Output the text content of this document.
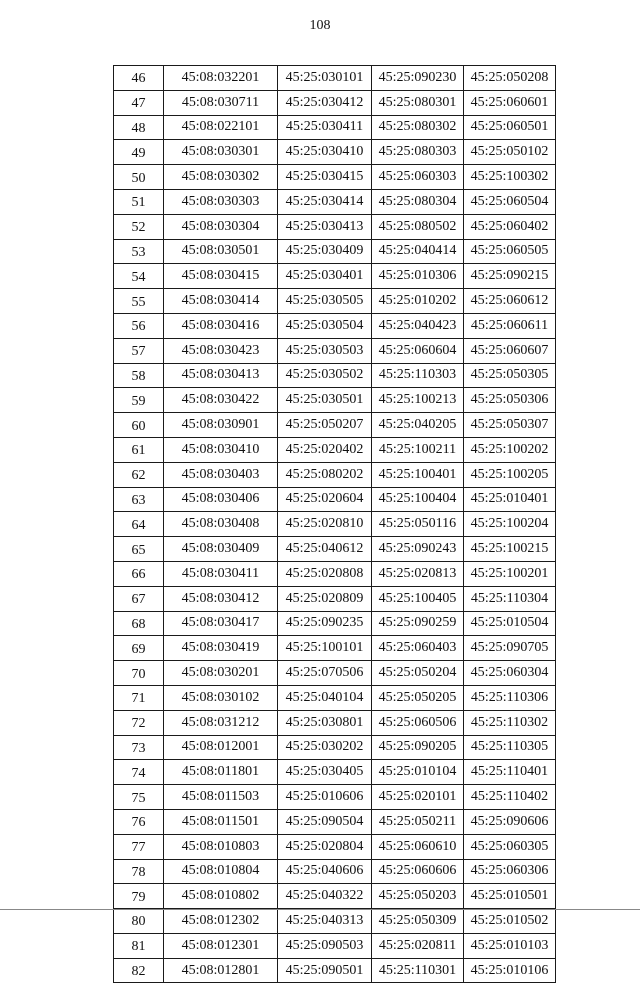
108
46	45:08:032201	45:25:030101	45:25:090230	45:25:050208
47	45:08:030711	45:25:030412	45:25:080301	45:25:060601
48	45:08:022101	45:25:030411	45:25:080302	45:25:060501
49	45:08:030301	45:25:030410	45:25:080303	45:25:050102
50	45:08:030302	45:25:030415	45:25:060303	45:25:100302
51	45:08:030303	45:25:030414	45:25:080304	45:25:060504
52	45:08:030304	45:25:030413	45:25:080502	45:25:060402
53	45:08:030501	45:25:030409	45:25:040414	45:25:060505
54	45:08:030415	45:25:030401	45:25:010306	45:25:090215
55	45:08:030414	45:25:030505	45:25:010202	45:25:060612
56	45:08:030416	45:25:030504	45:25:040423	45:25:060611
57	45:08:030423	45:25:030503	45:25:060604	45:25:060607
58	45:08:030413	45:25:030502	45:25:110303	45:25:050305
59	45:08:030422	45:25:030501	45:25:100213	45:25:050306
60	45:08:030901	45:25:050207	45:25:040205	45:25:050307
61	45:08:030410	45:25:020402	45:25:100211	45:25:100202
62	45:08:030403	45:25:080202	45:25:100401	45:25:100205
63	45:08:030406	45:25:020604	45:25:100404	45:25:010401
64	45:08:030408	45:25:020810	45:25:050116	45:25:100204
65	45:08:030409	45:25:040612	45:25:090243	45:25:100215
66	45:08:030411	45:25:020808	45:25:020813	45:25:100201
67	45:08:030412	45:25:020809	45:25:100405	45:25:110304
68	45:08:030417	45:25:090235	45:25:090259	45:25:010504
69	45:08:030419	45:25:100101	45:25:060403	45:25:090705
70	45:08:030201	45:25:070506	45:25:050204	45:25:060304
71	45:08:030102	45:25:040104	45:25:050205	45:25:110306
72	45:08:031212	45:25:030801	45:25:060506	45:25:110302
73	45:08:012001	45:25:030202	45:25:090205	45:25:110305
74	45:08:011801	45:25:030405	45:25:010104	45:25:110401
75	45:08:011503	45:25:010606	45:25:020101	45:25:110402
76	45:08:011501	45:25:090504	45:25:050211	45:25:090606
77	45:08:010803	45:25:020804	45:25:060610	45:25:060305
78	45:08:010804	45:25:040606	45:25:060606	45:25:060306
79	45:08:010802	45:25:040322	45:25:050203	45:25:010501
80	45:08:012302	45:25:040313	45:25:050309	45:25:010502
81	45:08:012301	45:25:090503	45:25:020811	45:25:010103
82	45:08:012801	45:25:090501	45:25:110301	45:25:010106
